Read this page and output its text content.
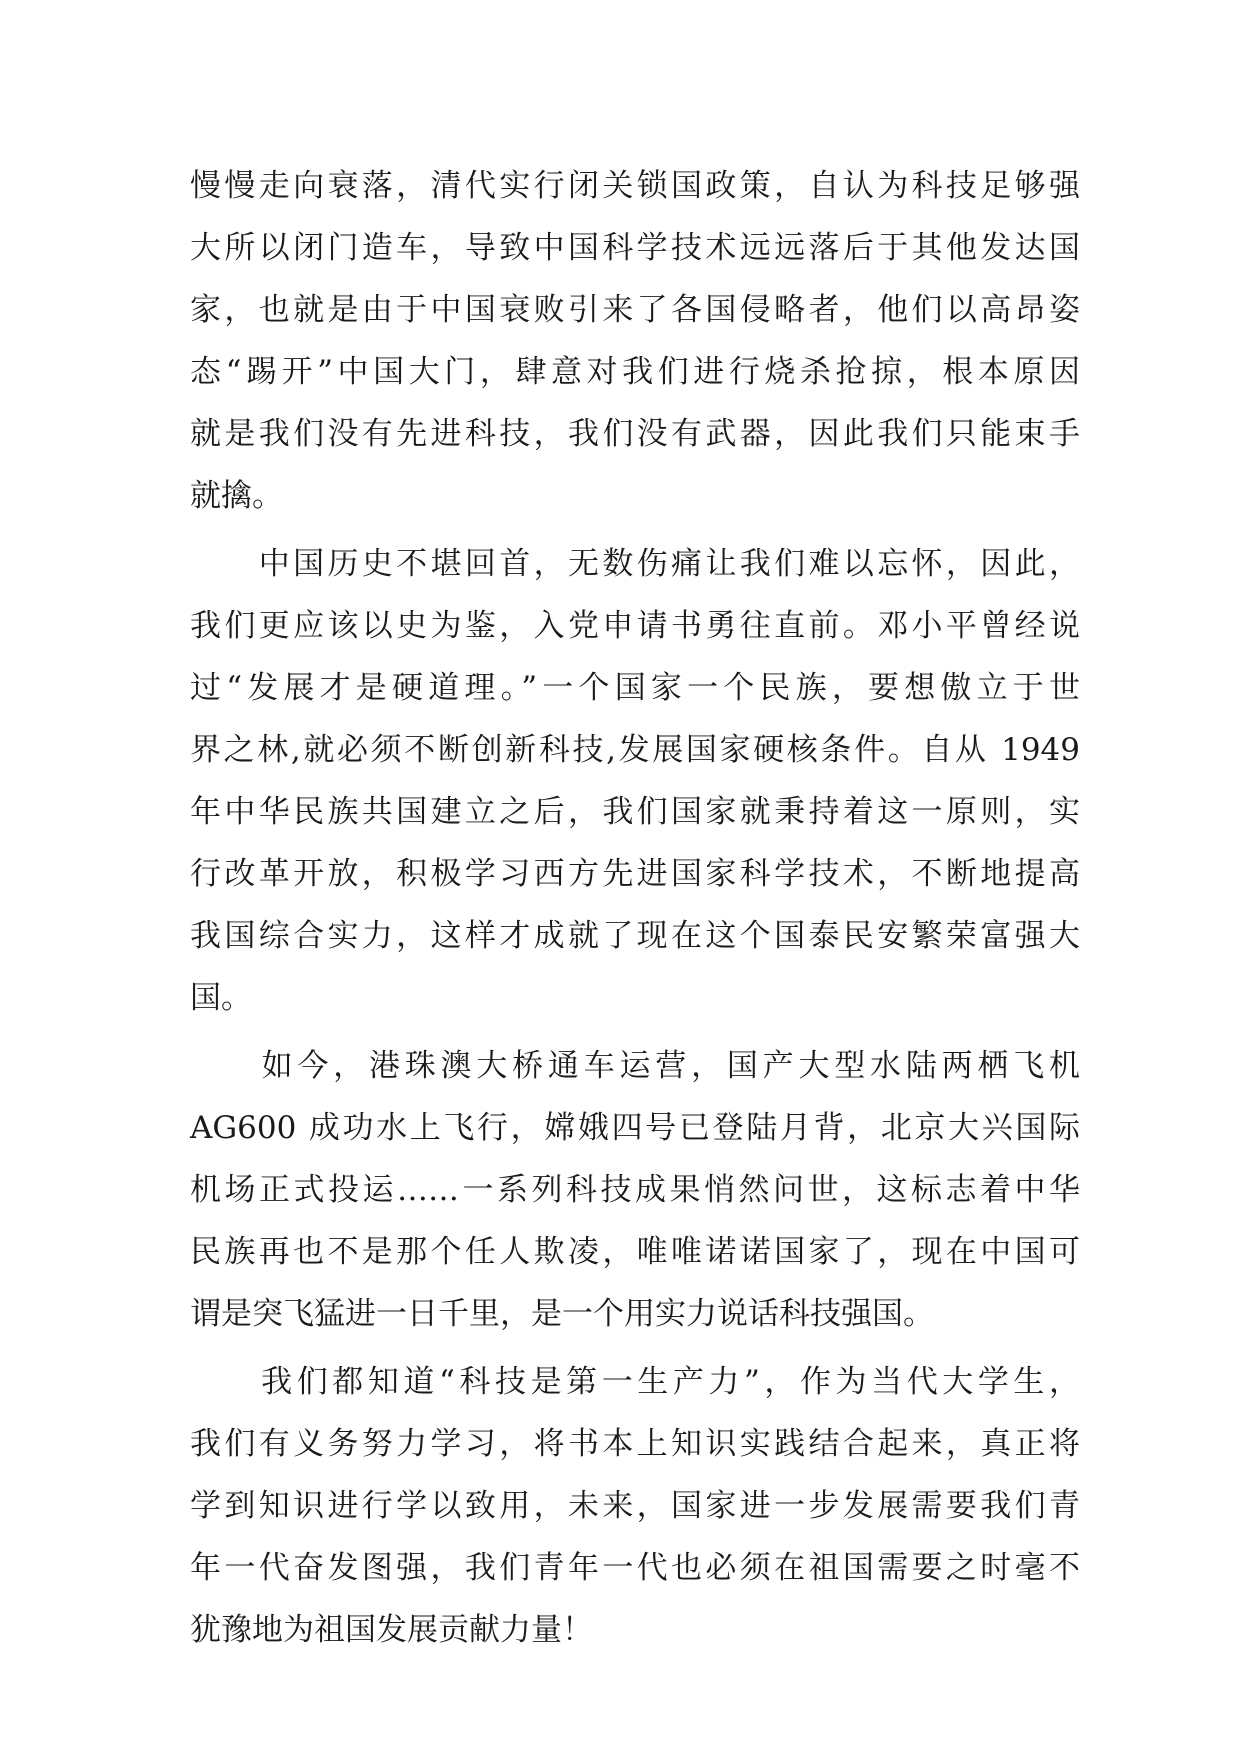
慢慢走向衰落，清代实行闭关锁国政策，自认为科技足够强
大所以闭门造车，导致中国科学技术远远落后于其他发达国
家，也就是由于中国衰败引来了各国侵略者，他们以高昂姿
态“踢开”中国大门，肆意对我们进行烧杀抢掠，根本原因
就是我们没有先进科技，我们没有武器，因此我们只能束手
就擒。
　　中国历史不堪回首，无数伤痛让我们难以忘怀，因此，
我们更应该以史为鉴，入党申请书勇往直前。邓小平曾经说
过“发展才是硬道理。”一个国家一个民族，要想傲立于世
界之林,就必须不断创新科技,发展国家硬核条件。自从 1949
年中华民族共国建立之后，我们国家就秉持着这一原则，实
行改革开放，积极学习西方先进国家科学技术，不断地提高
我国综合实力，这样才成就了现在这个国泰民安繁荣富强大
国。
　　如今，港珠澳大桥通车运营，国产大型水陆两栖飞机
AG600 成功水上飞行，嫦娥四号已登陆月背，北京大兴国际
机场正式投运……一系列科技成果悄然问世，这标志着中华
民族再也不是那个任人欺凌，唯唯诺诺国家了，现在中国可
谓是突飞猛进一日千里，是一个用实力说话科技强国。
　　我们都知道“科技是第一生产力”，作为当代大学生，
我们有义务努力学习，将书本上知识实践结合起来，真正将
学到知识进行学以致用，未来，国家进一步发展需要我们青
年一代奋发图强，我们青年一代也必须在祖国需要之时毫不
犹豫地为祖国发展贡献力量！
